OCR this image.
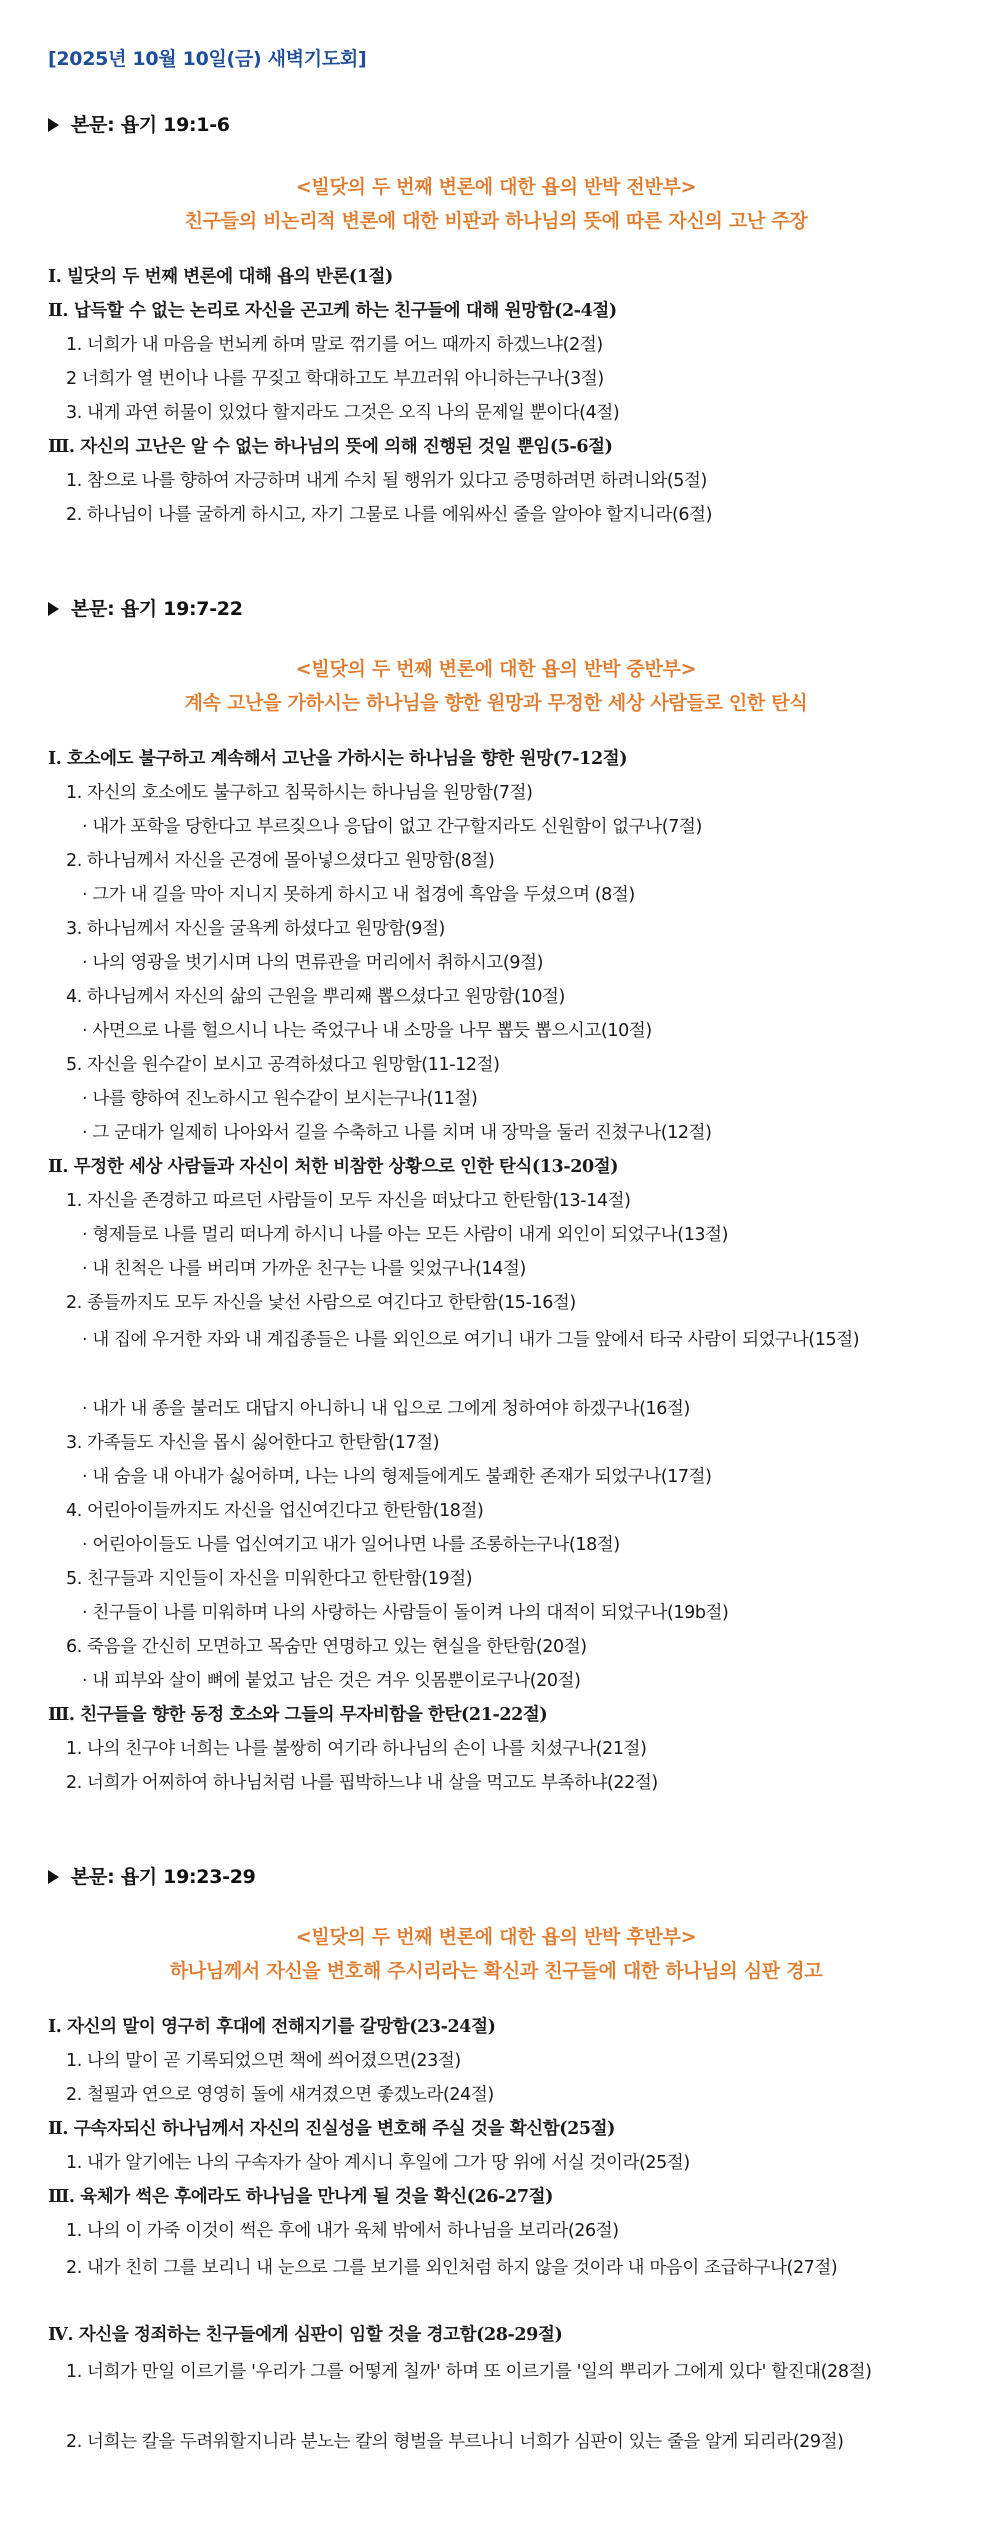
[2025년 10월 10일(금) 새벽기도회]
본문: 욥기 19:1-6
<빌닷의 두 번째 변론에 대한 욥의 반박 전반부>
친구들의 비논리적 변론에 대한 비판과 하나님의 뜻에 따른 자신의 고난 주장
Ⅰ. 빌닷의 두 번째 변론에 대해 욥의 반론(1절)
Ⅱ. 납득할 수 없는 논리로 자신을 곤고케 하는 친구들에 대해 원망함(2-4절)
1. 너희가 내 마음을 번뇌케 하며 말로 꺾기를 어느 때까지 하겠느냐(2절)
2 너희가 열 번이나 나를 꾸짖고 학대하고도 부끄러워 아니하는구나(3절)
3. 내게 과연 허물이 있었다 할지라도 그것은 오직 나의 문제일 뿐이다(4절)
Ⅲ. 자신의 고난은 알 수 없는 하나님의 뜻에 의해 진행된 것일 뿐임(5-6절)
1. 참으로 나를 향하여 자긍하며 내게 수치 될 행위가 있다고 증명하려면 하려니와(5절)
2. 하나님이 나를 굴하게 하시고, 자기 그물로 나를 에워싸신 줄을 알아야 할지니라(6절)
본문: 욥기 19:7-22
<빌닷의 두 번째 변론에 대한 욥의 반박 중반부>
계속 고난을 가하시는 하나님을 향한 원망과 무정한 세상 사람들로 인한 탄식
Ⅰ. 호소에도 불구하고 계속해서 고난을 가하시는 하나님을 향한 원망(7-12절)
1. 자신의 호소에도 불구하고 침묵하시는 하나님을 원망함(7절)
· 내가 포학을 당한다고 부르짖으나 응답이 없고 간구할지라도 신원함이 없구나(7절)
2. 하나님께서 자신을 곤경에 몰아넣으셨다고 원망함(8절)
· 그가 내 길을 막아 지니지 못하게 하시고 내 첩경에 흑암을 두셨으며 (8절)
3. 하나님께서 자신을 굴욕케 하셨다고 원망함(9절)
· 나의 영광을 벗기시며 나의 면류관을 머리에서 취하시고(9절)
4. 하나님께서 자신의 삶의 근원을 뿌리째 뽑으셨다고 원망함(10절)
· 사면으로 나를 헐으시니 나는 죽었구나 내 소망을 나무 뽑듯 뽑으시고(10절)
5. 자신을 원수같이 보시고 공격하셨다고 원망함(11-12절)
· 나를 향하여 진노하시고 원수같이 보시는구나(11절)
· 그 군대가 일제히 나아와서 길을 수축하고 나를 치며 내 장막을 둘러 진쳤구나(12절)
Ⅱ. 무정한 세상 사람들과 자신이 처한 비참한 상황으로 인한 탄식(13-20절)
1. 자신을 존경하고 따르던 사람들이 모두 자신을 떠났다고 한탄함(13-14절)
· 형제들로 나를 멀리 떠나게 하시니 나를 아는 모든 사람이 내게 외인이 되었구나(13절)
· 내 친척은 나를 버리며 가까운 친구는 나를 잊었구나(14절)
2. 종들까지도 모두 자신을 낯선 사람으로 여긴다고 한탄함(15-16절)
· 내 집에 우거한 자와 내 계집종들은 나를 외인으로 여기니 내가 그들 앞에서 타국 사람이 되었구나(15절)
· 내가 내 종을 불러도 대답지 아니하니 내 입으로 그에게 청하여야 하겠구나(16절)
3. 가족들도 자신을 몹시 싫어한다고 한탄함(17절)
· 내 숨을 내 아내가 싫어하며, 나는 나의 형제들에게도 불쾌한 존재가 되었구나(17절)
4. 어린아이들까지도 자신을 업신여긴다고 한탄함(18절)
· 어린아이들도 나를 업신여기고 내가 일어나면 나를 조롱하는구나(18절)
5. 친구들과 지인들이 자신을 미워한다고 한탄함(19절)
· 친구들이 나를 미워하며 나의 사랑하는 사람들이 돌이켜 나의 대적이 되었구나(19b절)
6. 죽음을 간신히 모면하고 목숨만 연명하고 있는 현실을 한탄함(20절)
· 내 피부와 살이 뼈에 붙었고 남은 것은 겨우 잇몸뿐이로구나(20절)
Ⅲ. 친구들을 향한 동정 호소와 그들의 무자비함을 한탄(21-22절)
1. 나의 친구야 너희는 나를 불쌍히 여기라 하나님의 손이 나를 치셨구나(21절)
2. 너희가 어찌하여 하나님처럼 나를 핍박하느냐 내 살을 먹고도 부족하냐(22절)
본문: 욥기 19:23-29
<빌닷의 두 번째 변론에 대한 욥의 반박 후반부>
하나님께서 자신을 변호해 주시리라는 확신과 친구들에 대한 하나님의 심판 경고
Ⅰ. 자신의 말이 영구히 후대에 전해지기를 갈망함(23-24절)
1. 나의 말이 곧 기록되었으면 책에 씌어졌으면(23절)
2. 철필과 연으로 영영히 돌에 새겨졌으면 좋겠노라(24절)
Ⅱ. 구속자되신 하나님께서 자신의 진실성을 변호해 주실 것을 확신함(25절)
1. 내가 알기에는 나의 구속자가 살아 계시니 후일에 그가 땅 위에 서실 것이라(25절)
Ⅲ. 육체가 썩은 후에라도 하나님을 만나게 될 것을 확신(26-27절)
1. 나의 이 가죽 이것이 썩은 후에 내가 육체 밖에서 하나님을 보리라(26절)
2. 내가 친히 그를 보리니 내 눈으로 그를 보기를 외인처럼 하지 않을 것이라 내 마음이 조급하구나(27절)
Ⅳ. 자신을 정죄하는 친구들에게 심판이 임할 것을 경고함(28-29절)
1. 너희가 만일 이르기를 '우리가 그를 어떻게 칠까' 하며 또 이르기를 '일의 뿌리가 그에게 있다' 할진대(28절)
2. 너희는 칼을 두려워할지니라 분노는 칼의 형벌을 부르나니 너희가 심판이 있는 줄을 알게 되리라(29절)
